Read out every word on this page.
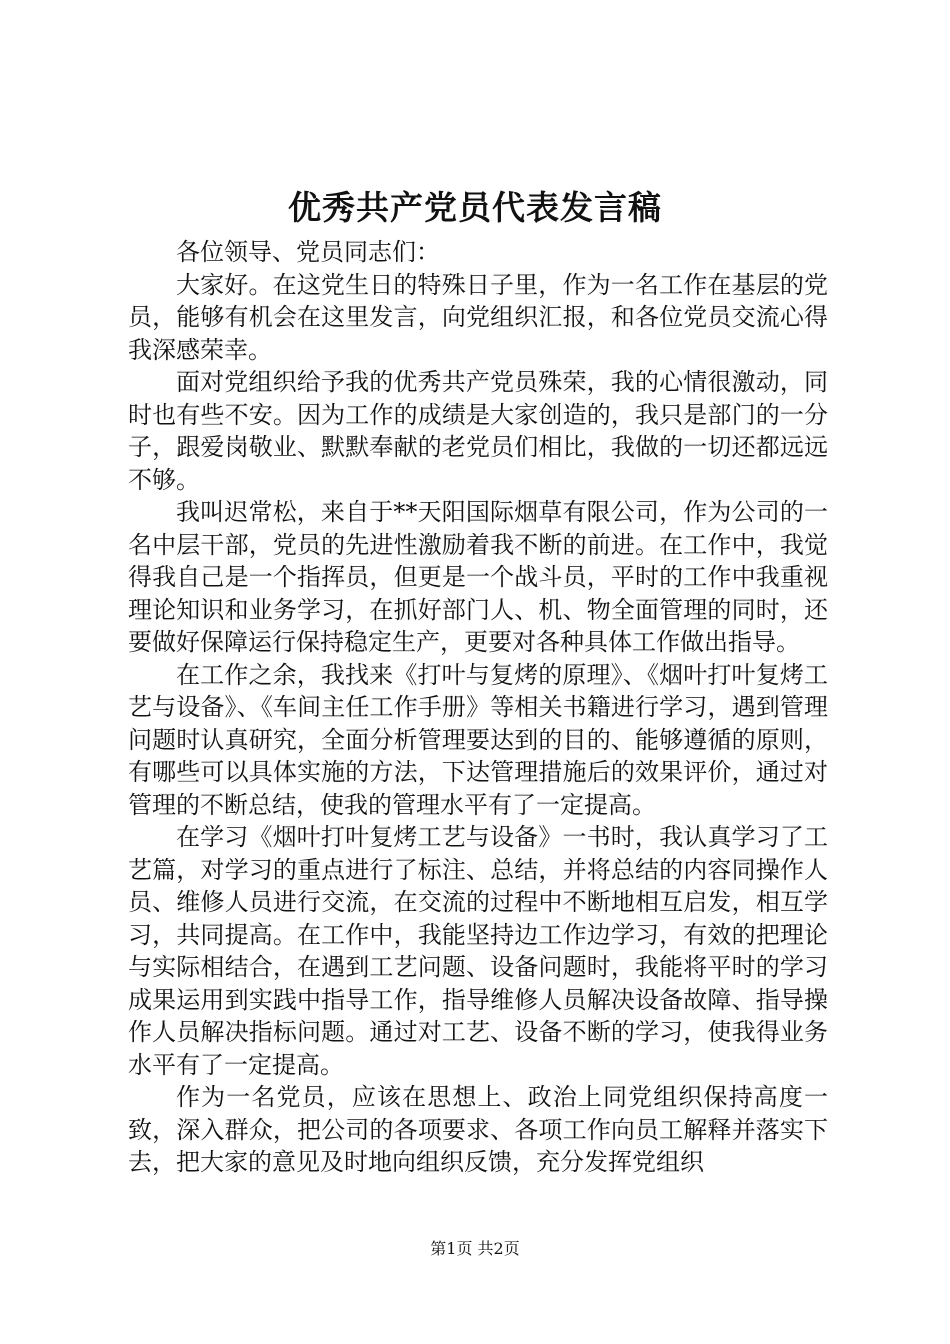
优秀共产党员代表发言稿

各位领导、党员同志们：

大家好。在这党生日的特殊日子里，作为一名工作在基层的党员，能够有机会在这里发言，向党组织汇报，和各位党员交流心得我深感荣幸。

面对党组织给予我的优秀共产党员殊荣，我的心情很激动，同时也有些不安。因为工作的成绩是大家创造的，我只是部门的一分子，跟爱岗敬业、默默奉献的老党员们相比，我做的一切还都远远不够。

我叫迟常松，来自于**天阳国际烟草有限公司，作为公司的一名中层干部，党员的先进性激励着我不断的前进。在工作中，我觉得我自己是一个指挥员，但更是一个战斗员，平时的工作中我重视理论知识和业务学习，在抓好部门人、机、物全面管理的同时，还要做好保障运行保持稳定生产，更要对各种具体工作做出指导。

在工作之余，我找来《打叶与复烤的原理》、《烟叶打叶复烤工艺与设备》、《车间主任工作手册》等相关书籍进行学习，遇到管理问题时认真研究，全面分析管理要达到的目的、能够遵循的原则，有哪些可以具体实施的方法，下达管理措施后的效果评价，通过对管理的不断总结，使我的管理水平有了一定提高。

在学习《烟叶打叶复烤工艺与设备》一书时，我认真学习了工艺篇，对学习的重点进行了标注、总结，并将总结的内容同操作人员、维修人员进行交流，在交流的过程中不断地相互启发，相互学习，共同提高。在工作中，我能坚持边工作边学习，有效的把理论与实际相结合，在遇到工艺问题、设备问题时，我能将平时的学习成果运用到实践中指导工作，指导维修人员解决设备故障、指导操作人员解决指标问题。通过对工艺、设备不断的学习，使我得业务水平有了一定提高。

作为一名党员，应该在思想上、政治上同党组织保持高度一致，深入群众，把公司的各项要求、各项工作向员工解释并落实下去，把大家的意见及时地向组织反馈，充分发挥党组织

第1页 共2页
